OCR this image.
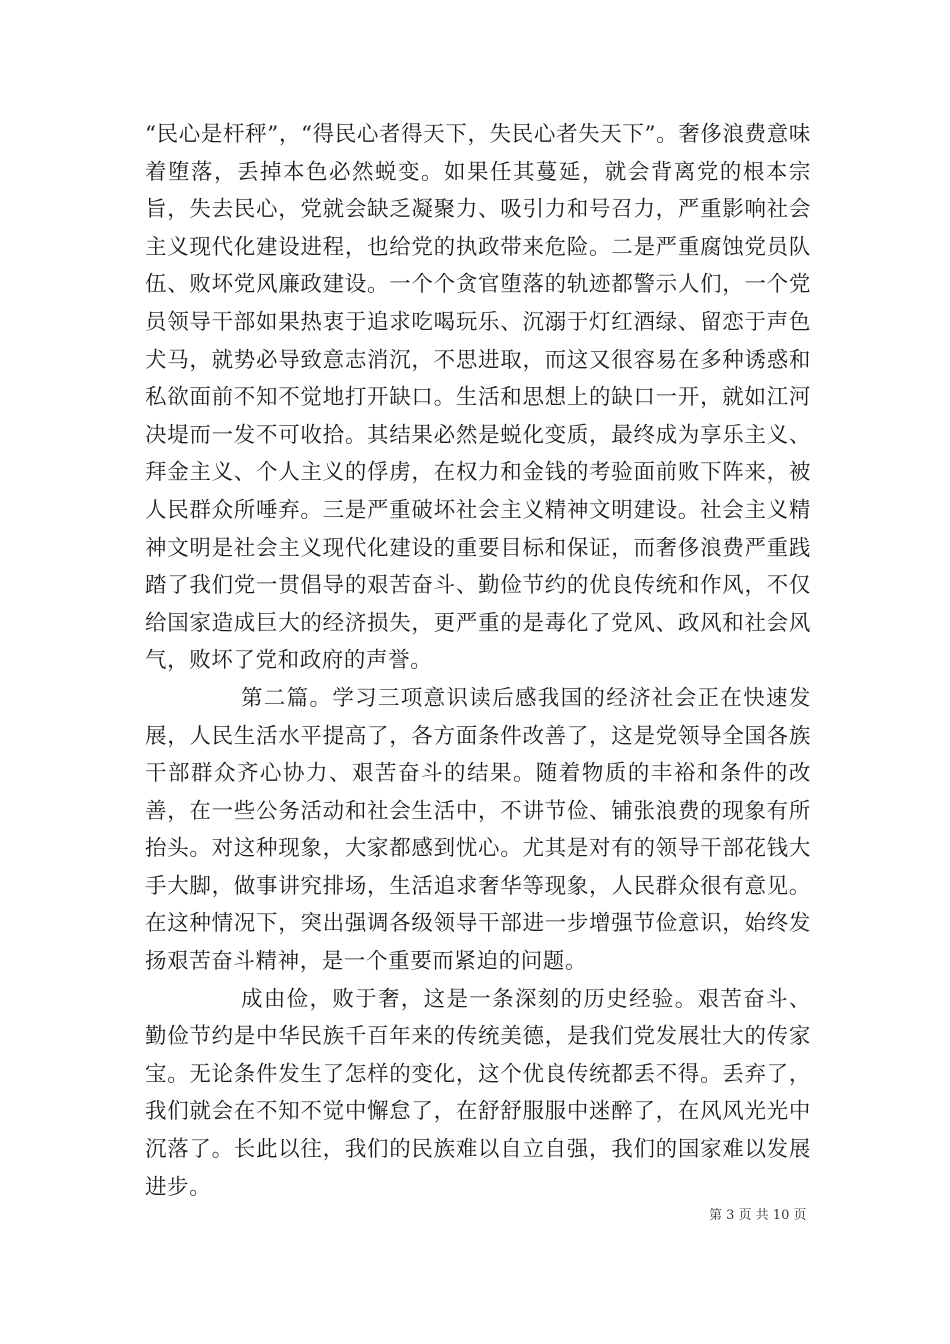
“民心是杆秤”，“得民心者得天下，失民心者失天下”。奢侈浪费意味着堕落，丢掉本色必然蜕变。如果任其蔓延，就会背离党的根本宗旨，失去民心，党就会缺乏凝聚力、吸引力和号召力，严重影响社会主义现代化建设进程，也给党的执政带来危险。二是严重腐蚀党员队伍、败坏党风廉政建设。一个个贪官堕落的轨迹都警示人们，一个党员领导干部如果热衷于追求吃喝玩乐、沉溺于灯红酒绿、留恋于声色犬马，就势必导致意志消沉，不思进取，而这又很容易在多种诱惑和私欲面前不知不觉地打开缺口。生活和思想上的缺口一开，就如江河决堤而一发不可收拾。其结果必然是蜕化变质，最终成为享乐主义、拜金主义、个人主义的俘虏，在权力和金钱的考验面前败下阵来，被人民群众所唾弃。三是严重破坏社会主义精神文明建设。社会主义精神文明是社会主义现代化建设的重要目标和保证，而奢侈浪费严重践踏了我们党一贯倡导的艰苦奋斗、勤俭节约的优良传统和作风，不仅给国家造成巨大的经济损失，更严重的是毒化了党风、政风和社会风气，败坏了党和政府的声誉。

第二篇。学习三项意识读后感我国的经济社会正在快速发展，人民生活水平提高了，各方面条件改善了，这是党领导全国各族干部群众齐心协力、艰苦奋斗的结果。随着物质的丰裕和条件的改善，在一些公务活动和社会生活中，不讲节俭、铺张浪费的现象有所抬头。对这种现象，大家都感到忧心。尤其是对有的领导干部花钱大手大脚，做事讲究排场，生活追求奢华等现象，人民群众很有意见。在这种情况下，突出强调各级领导干部进一步增强节俭意识，始终发扬艰苦奋斗精神，是一个重要而紧迫的问题。

成由俭，败于奢，这是一条深刻的历史经验。艰苦奋斗、勤俭节约是中华民族千百年来的传统美德，是我们党发展壮大的传家宝。无论条件发生了怎样的变化，这个优良传统都丢不得。丢弃了，我们就会在不知不觉中懈怠了，在舒舒服服中迷醉了，在风风光光中沉落了。长此以往，我们的民族难以自立自强，我们的国家难以发展进步。

第 3 页 共 10 页
